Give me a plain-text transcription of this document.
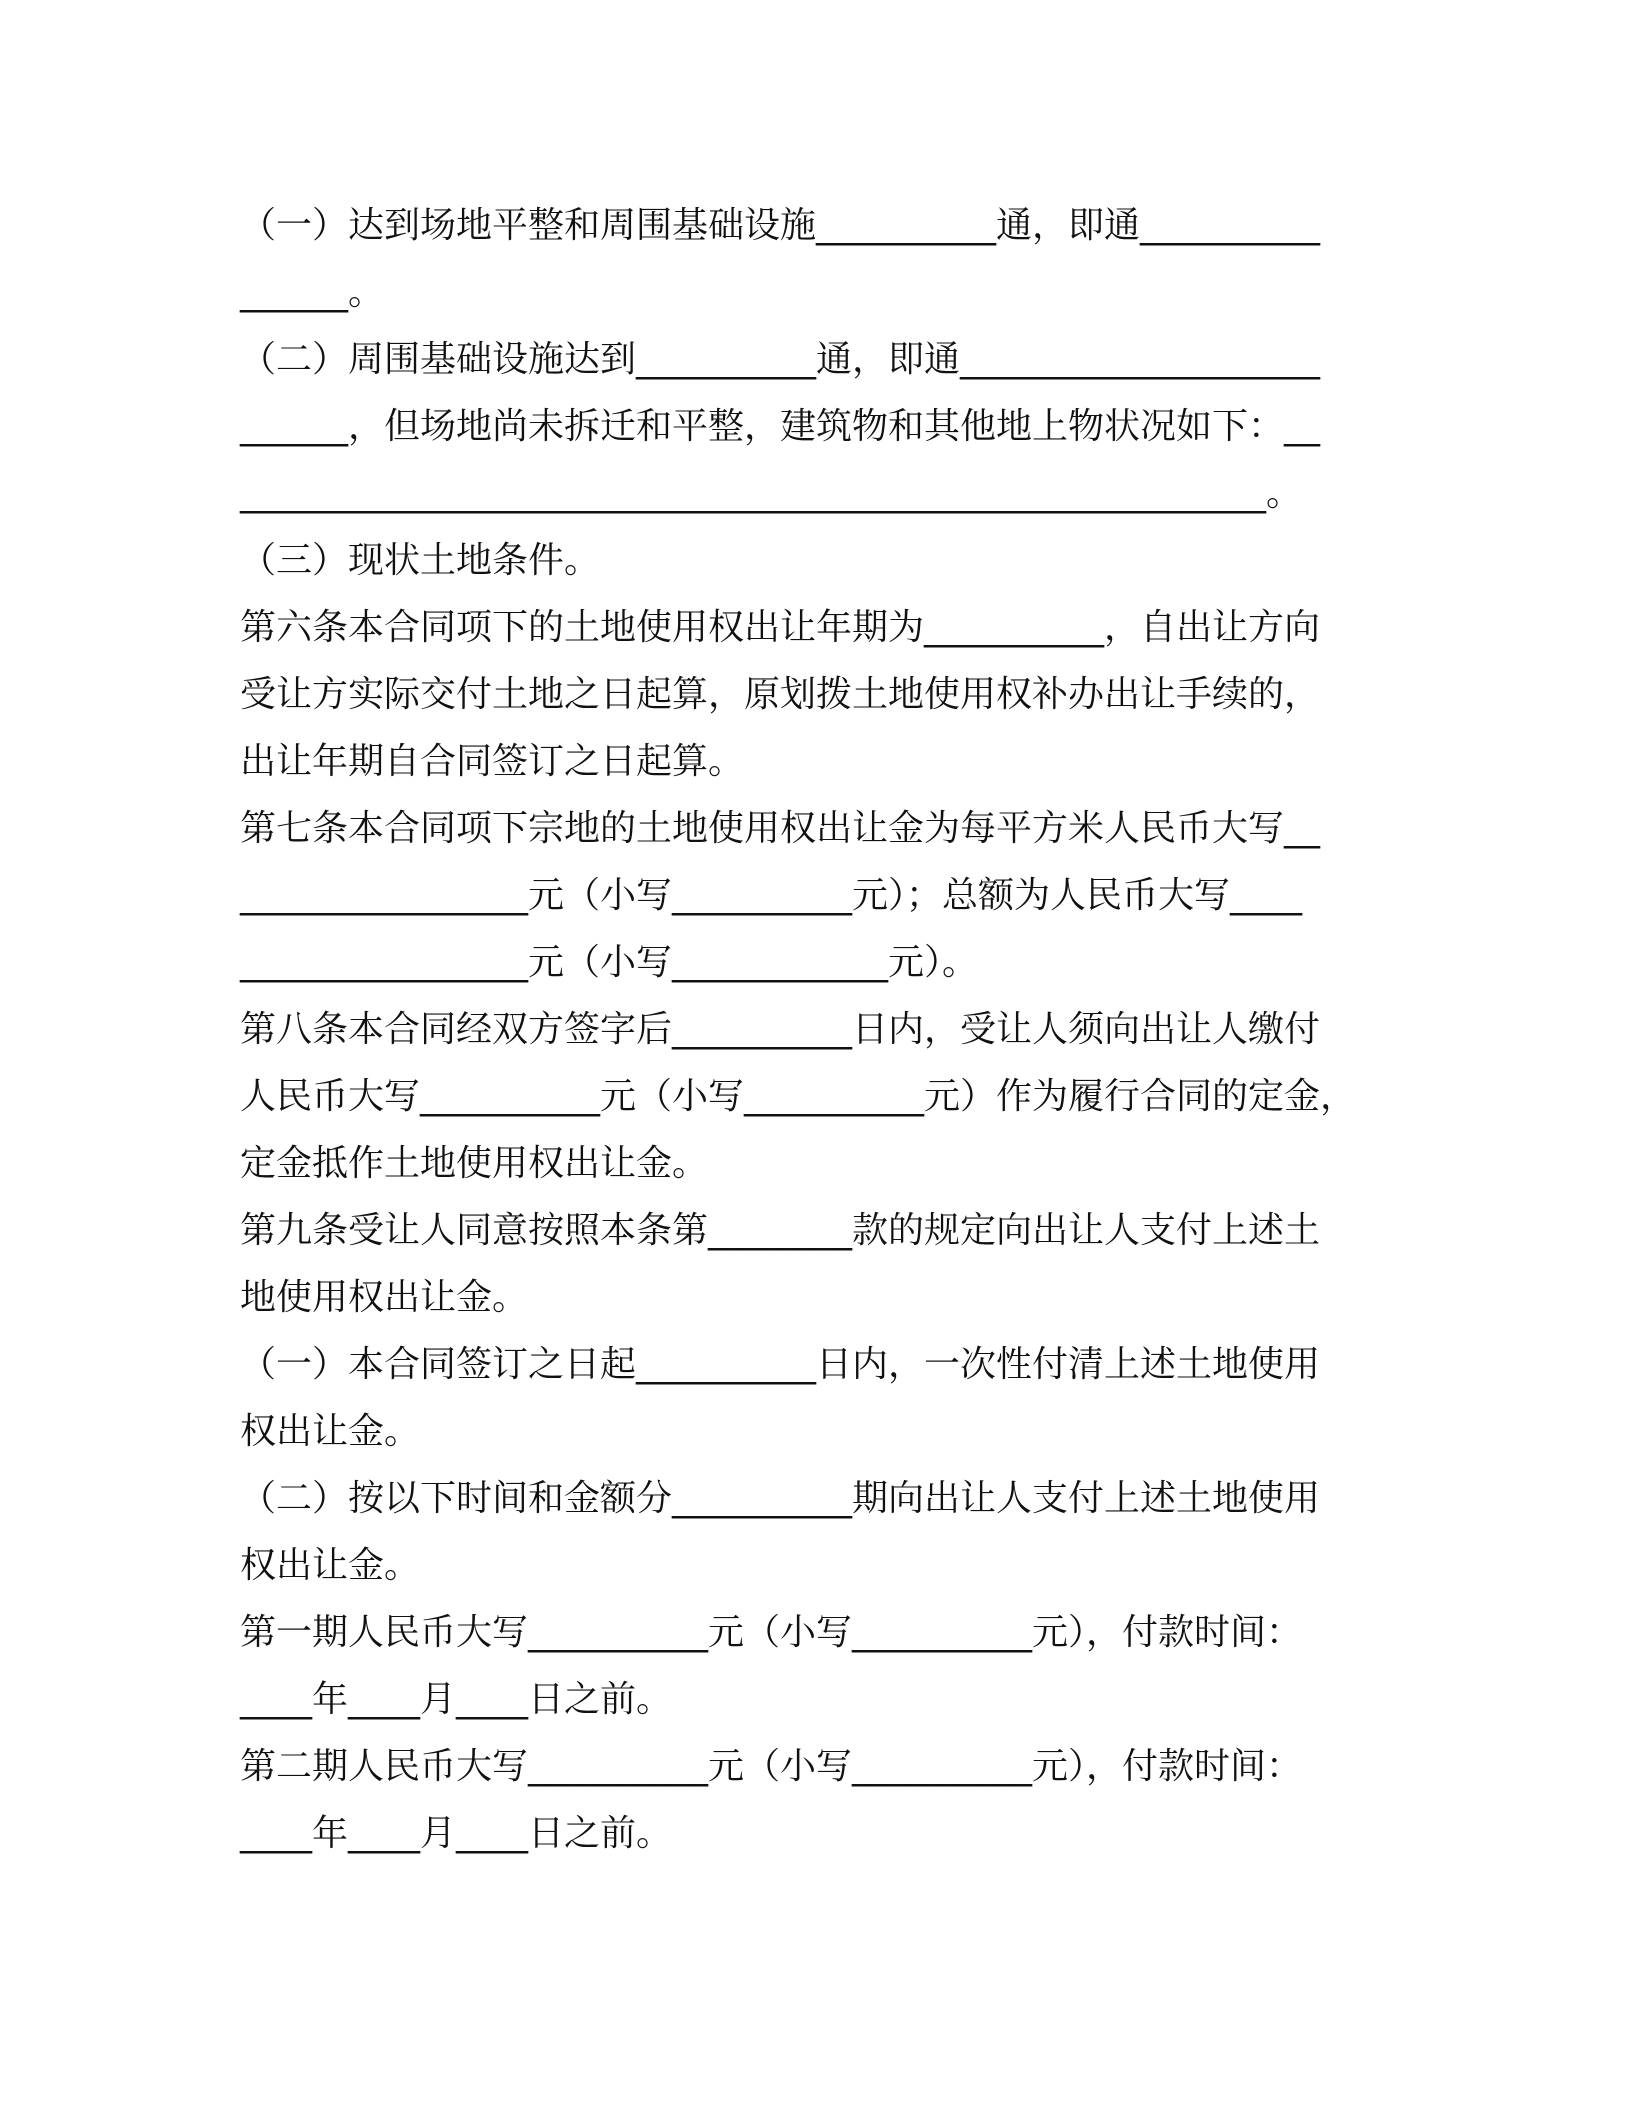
（一）达到场地平整和周围基础设施__________通，即通__________
______。
（二）周围基础设施达到__________通，即通____________________
______，但场地尚未拆迁和平整，建筑物和其他地上物状况如下：__
_________________________________________________________。
（三）现状土地条件。
第六条本合同项下的土地使用权出让年期为__________，自出让方向
受让方实际交付土地之日起算，原划拨土地使用权补办出让手续的，
出让年期自合同签订之日起算。
第七条本合同项下宗地的土地使用权出让金为每平方米人民币大写__
________________元（小写__________元）；总额为人民币大写____
________________元（小写____________元）。
第八条本合同经双方签字后__________日内，受让人须向出让人缴付
人民币大写__________元（小写__________元）作为履行合同的定金，
定金抵作土地使用权出让金。
第九条受让人同意按照本条第________款的规定向出让人支付上述土
地使用权出让金。
（一）本合同签订之日起__________日内，一次性付清上述土地使用
权出让金。
（二）按以下时间和金额分__________期向出让人支付上述土地使用
权出让金。
第一期人民币大写__________元（小写__________元），付款时间：
____年____月____日之前。
第二期人民币大写__________元（小写__________元），付款时间：
____年____月____日之前。
